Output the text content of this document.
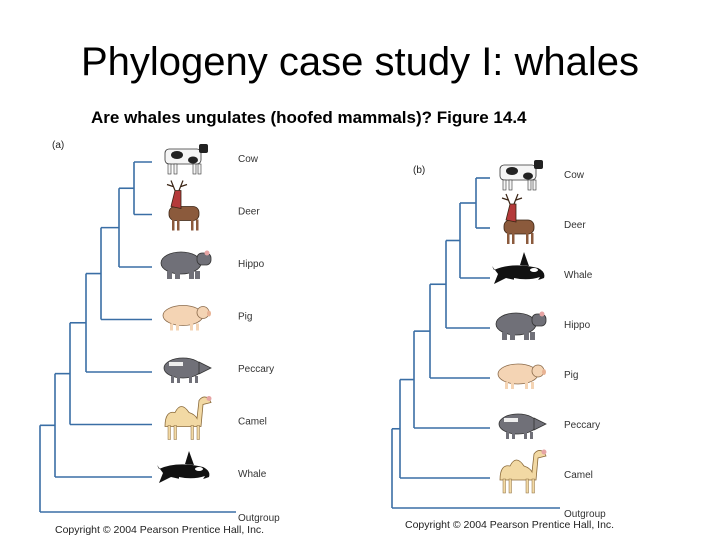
Phylogeny case study I: whales
Are whales ungulates (hoofed mammals)? Figure 14.4
(a)
(b)
Cow
Deer
Hippo
Pig
Peccary
Camel
Whale
Outgroup
Cow
Deer
Whale
Hippo
Pig
Peccary
Camel
Outgroup
Copyright © 2004 Pearson Prentice Hall, Inc.	Copyright © 2004 Pearson Prentice Hall, Inc.
